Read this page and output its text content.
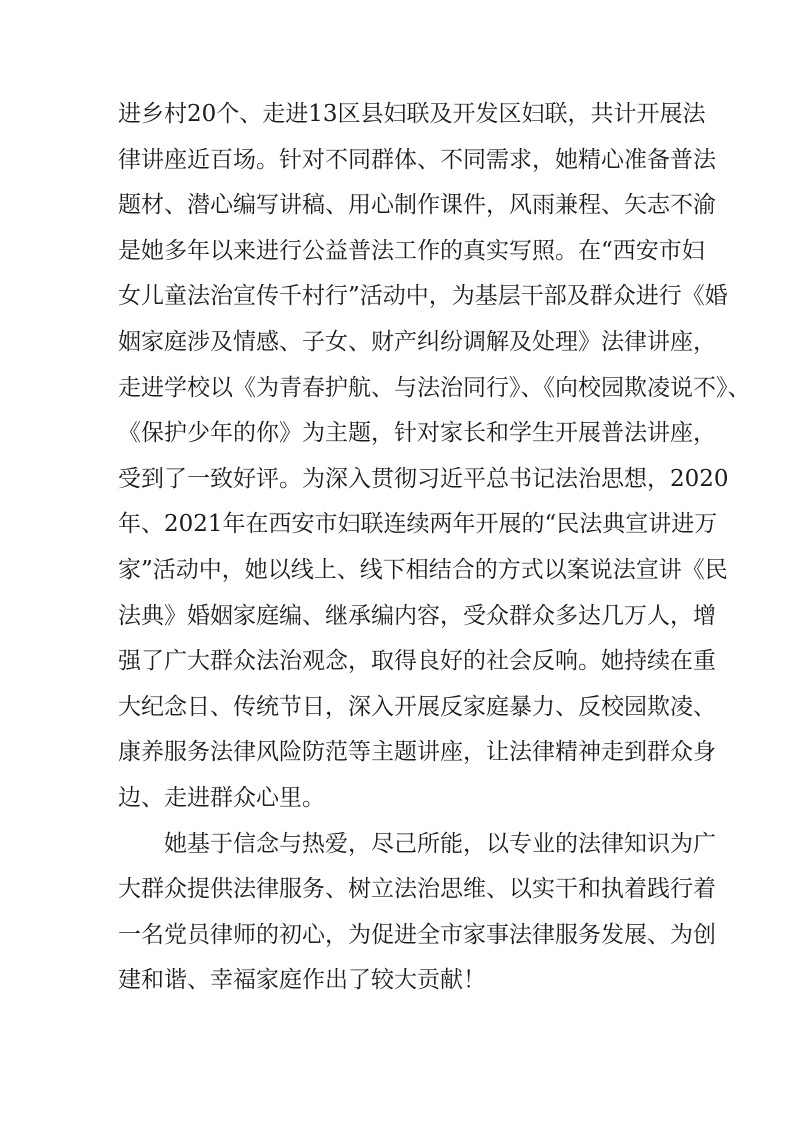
进乡村20个、走进13区县妇联及开发区妇联，共计开展法
律讲座近百场。针对不同群体、不同需求，她精心准备普法
题材、潜心编写讲稿、用心制作课件，风雨兼程、矢志不渝
是她多年以来进行公益普法工作的真实写照。在“西安市妇
女儿童法治宣传千村行”活动中，为基层干部及群众进行《婚
姻家庭涉及情感、子女、财产纠纷调解及处理》法律讲座，
走进学校以《为青春护航、与法治同行》、《向校园欺凌说不》、
《保护少年的你》为主题，针对家长和学生开展普法讲座，
受到了一致好评。为深入贯彻习近平总书记法治思想，2020
年、2021年在西安市妇联连续两年开展的“民法典宣讲进万
家”活动中，她以线上、线下相结合的方式以案说法宣讲《民
法典》婚姻家庭编、继承编内容，受众群众多达几万人，增
强了广大群众法治观念，取得良好的社会反响。她持续在重
大纪念日、传统节日，深入开展反家庭暴力、反校园欺凌、
康养服务法律风险防范等主题讲座，让法律精神走到群众身
边、走进群众心里。
她基于信念与热爱，尽己所能，以专业的法律知识为广
大群众提供法律服务、树立法治思维、以实干和执着践行着
一名党员律师的初心，为促进全市家事法律服务发展、为创
建和谐、幸福家庭作出了较大贡献！
